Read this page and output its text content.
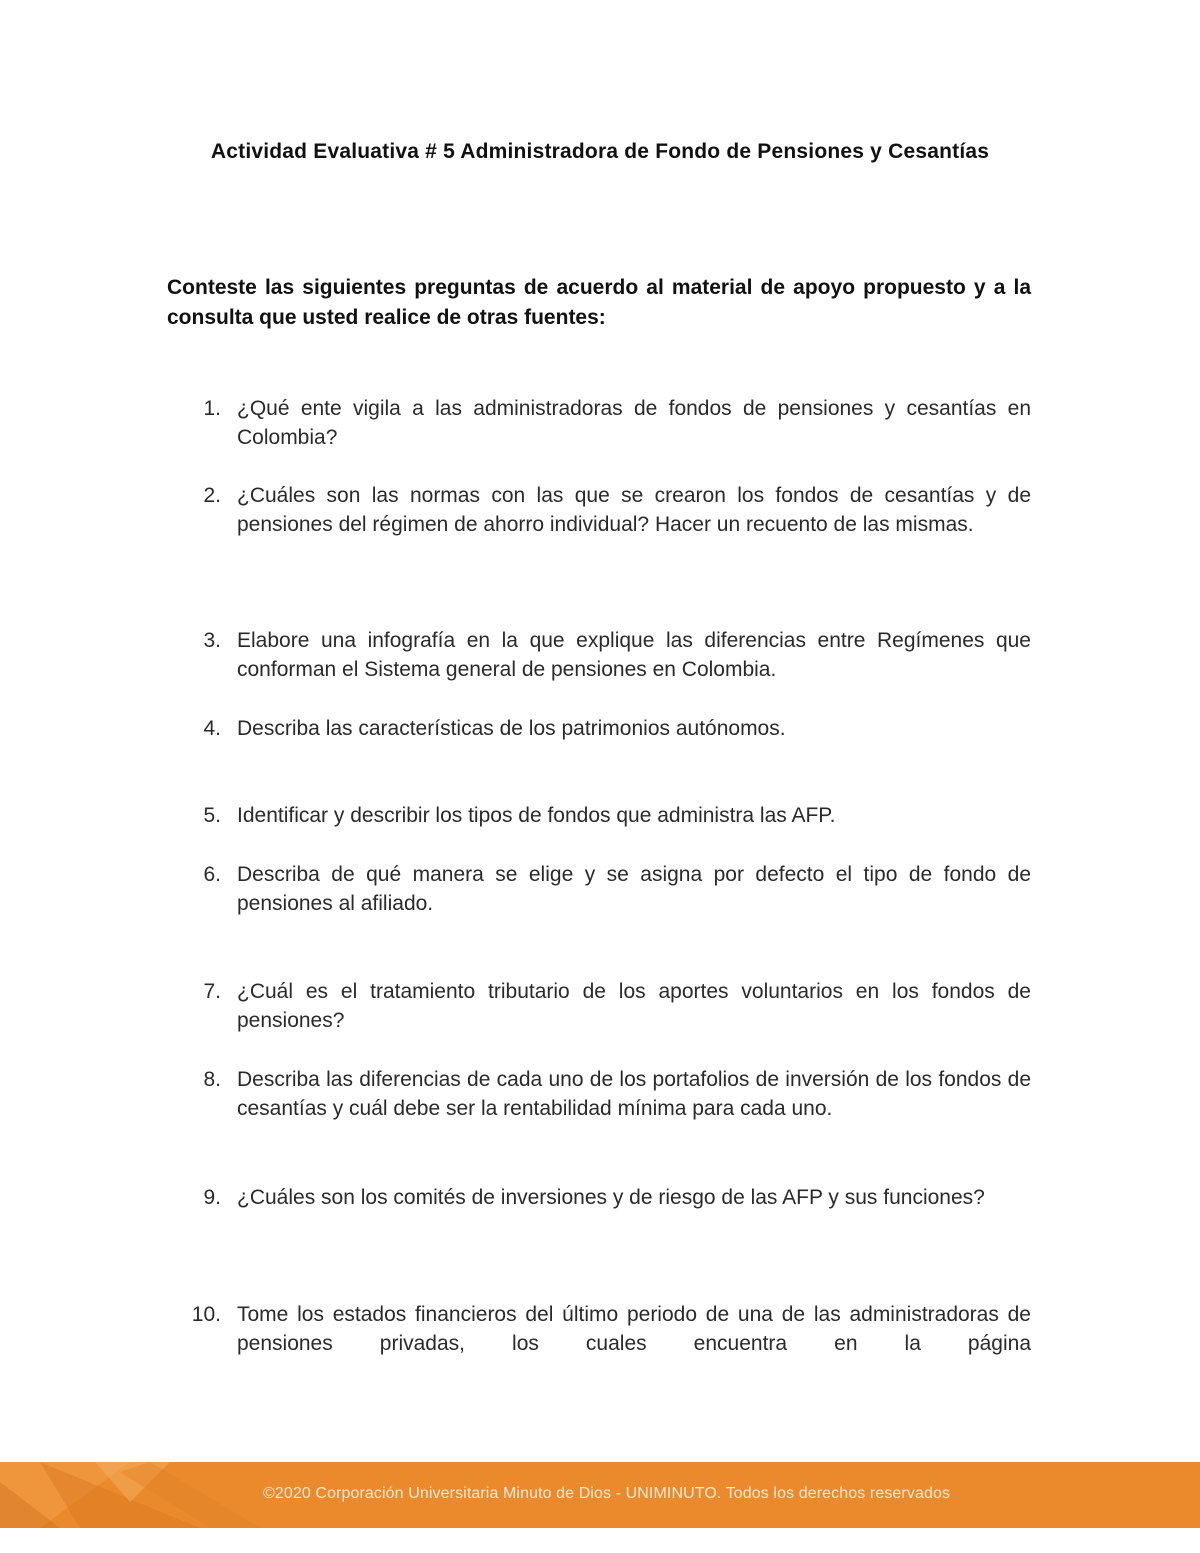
Actividad Evaluativa # 5 Administradora de Fondo de Pensiones y Cesantías
Conteste las siguientes preguntas de acuerdo al material de apoyo propuesto y a la consulta que usted realice de otras fuentes:
1. ¿Qué ente vigila a las administradoras de fondos de pensiones y cesantías en Colombia?
2. ¿Cuáles son las normas con las que se crearon los fondos de cesantías y de pensiones del régimen de ahorro individual? Hacer un recuento de las mismas.
3. Elabore una infografía en la que explique las diferencias entre Regímenes que conforman el Sistema general de pensiones en Colombia.
4. Describa las características de los patrimonios autónomos.
5. Identificar y describir los tipos de fondos que administra las AFP.
6. Describa de qué manera se elige y se asigna por defecto el tipo de fondo de pensiones al afiliado.
7. ¿Cuál es el tratamiento tributario de los aportes voluntarios en los fondos de pensiones?
8. Describa las diferencias de cada uno de los portafolios de inversión de los fondos de cesantías y cuál debe ser la rentabilidad mínima para cada uno.
9. ¿Cuáles son los comités de inversiones y de riesgo de las AFP y sus funciones?
10. Tome los estados financieros del último periodo de una de las administradoras de pensiones privadas, los cuales encuentra en la página
©2020 Corporación Universitaria Minuto de Dios - UNIMINUTO. Todos los derechos reservados
